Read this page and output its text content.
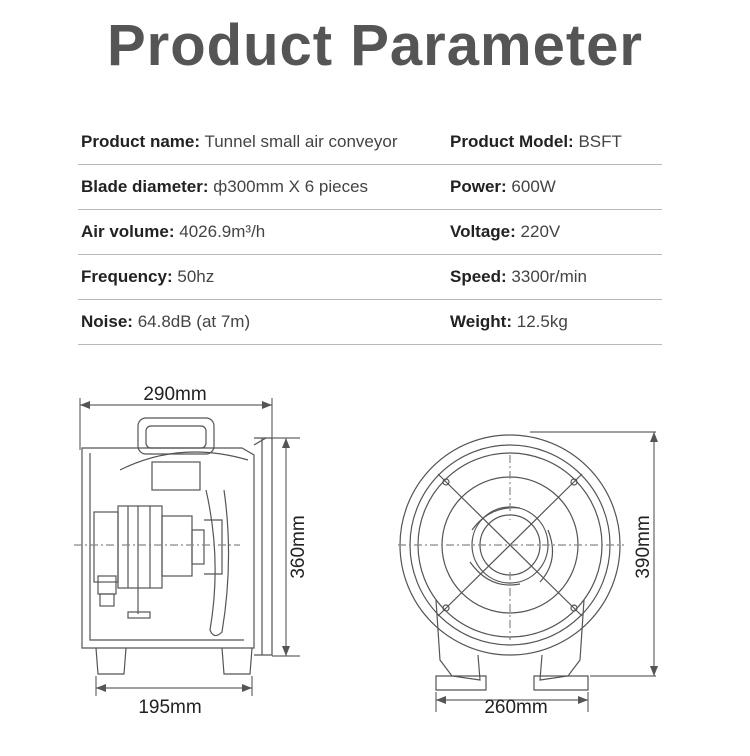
Product Parameter
Product name: Tunnel small air conveyor	Product Model: BSFT
Blade diameter: ф300mm X 6 pieces	Power: 600W
Air volume: 4026.9m³/h	Voltage: 220V
Frequency: 50hz	Speed: 3300r/min
Noise: 64.8dB (at 7m)	Weight: 12.5kg
290mm
360mm
195mm
390mm
260mm
